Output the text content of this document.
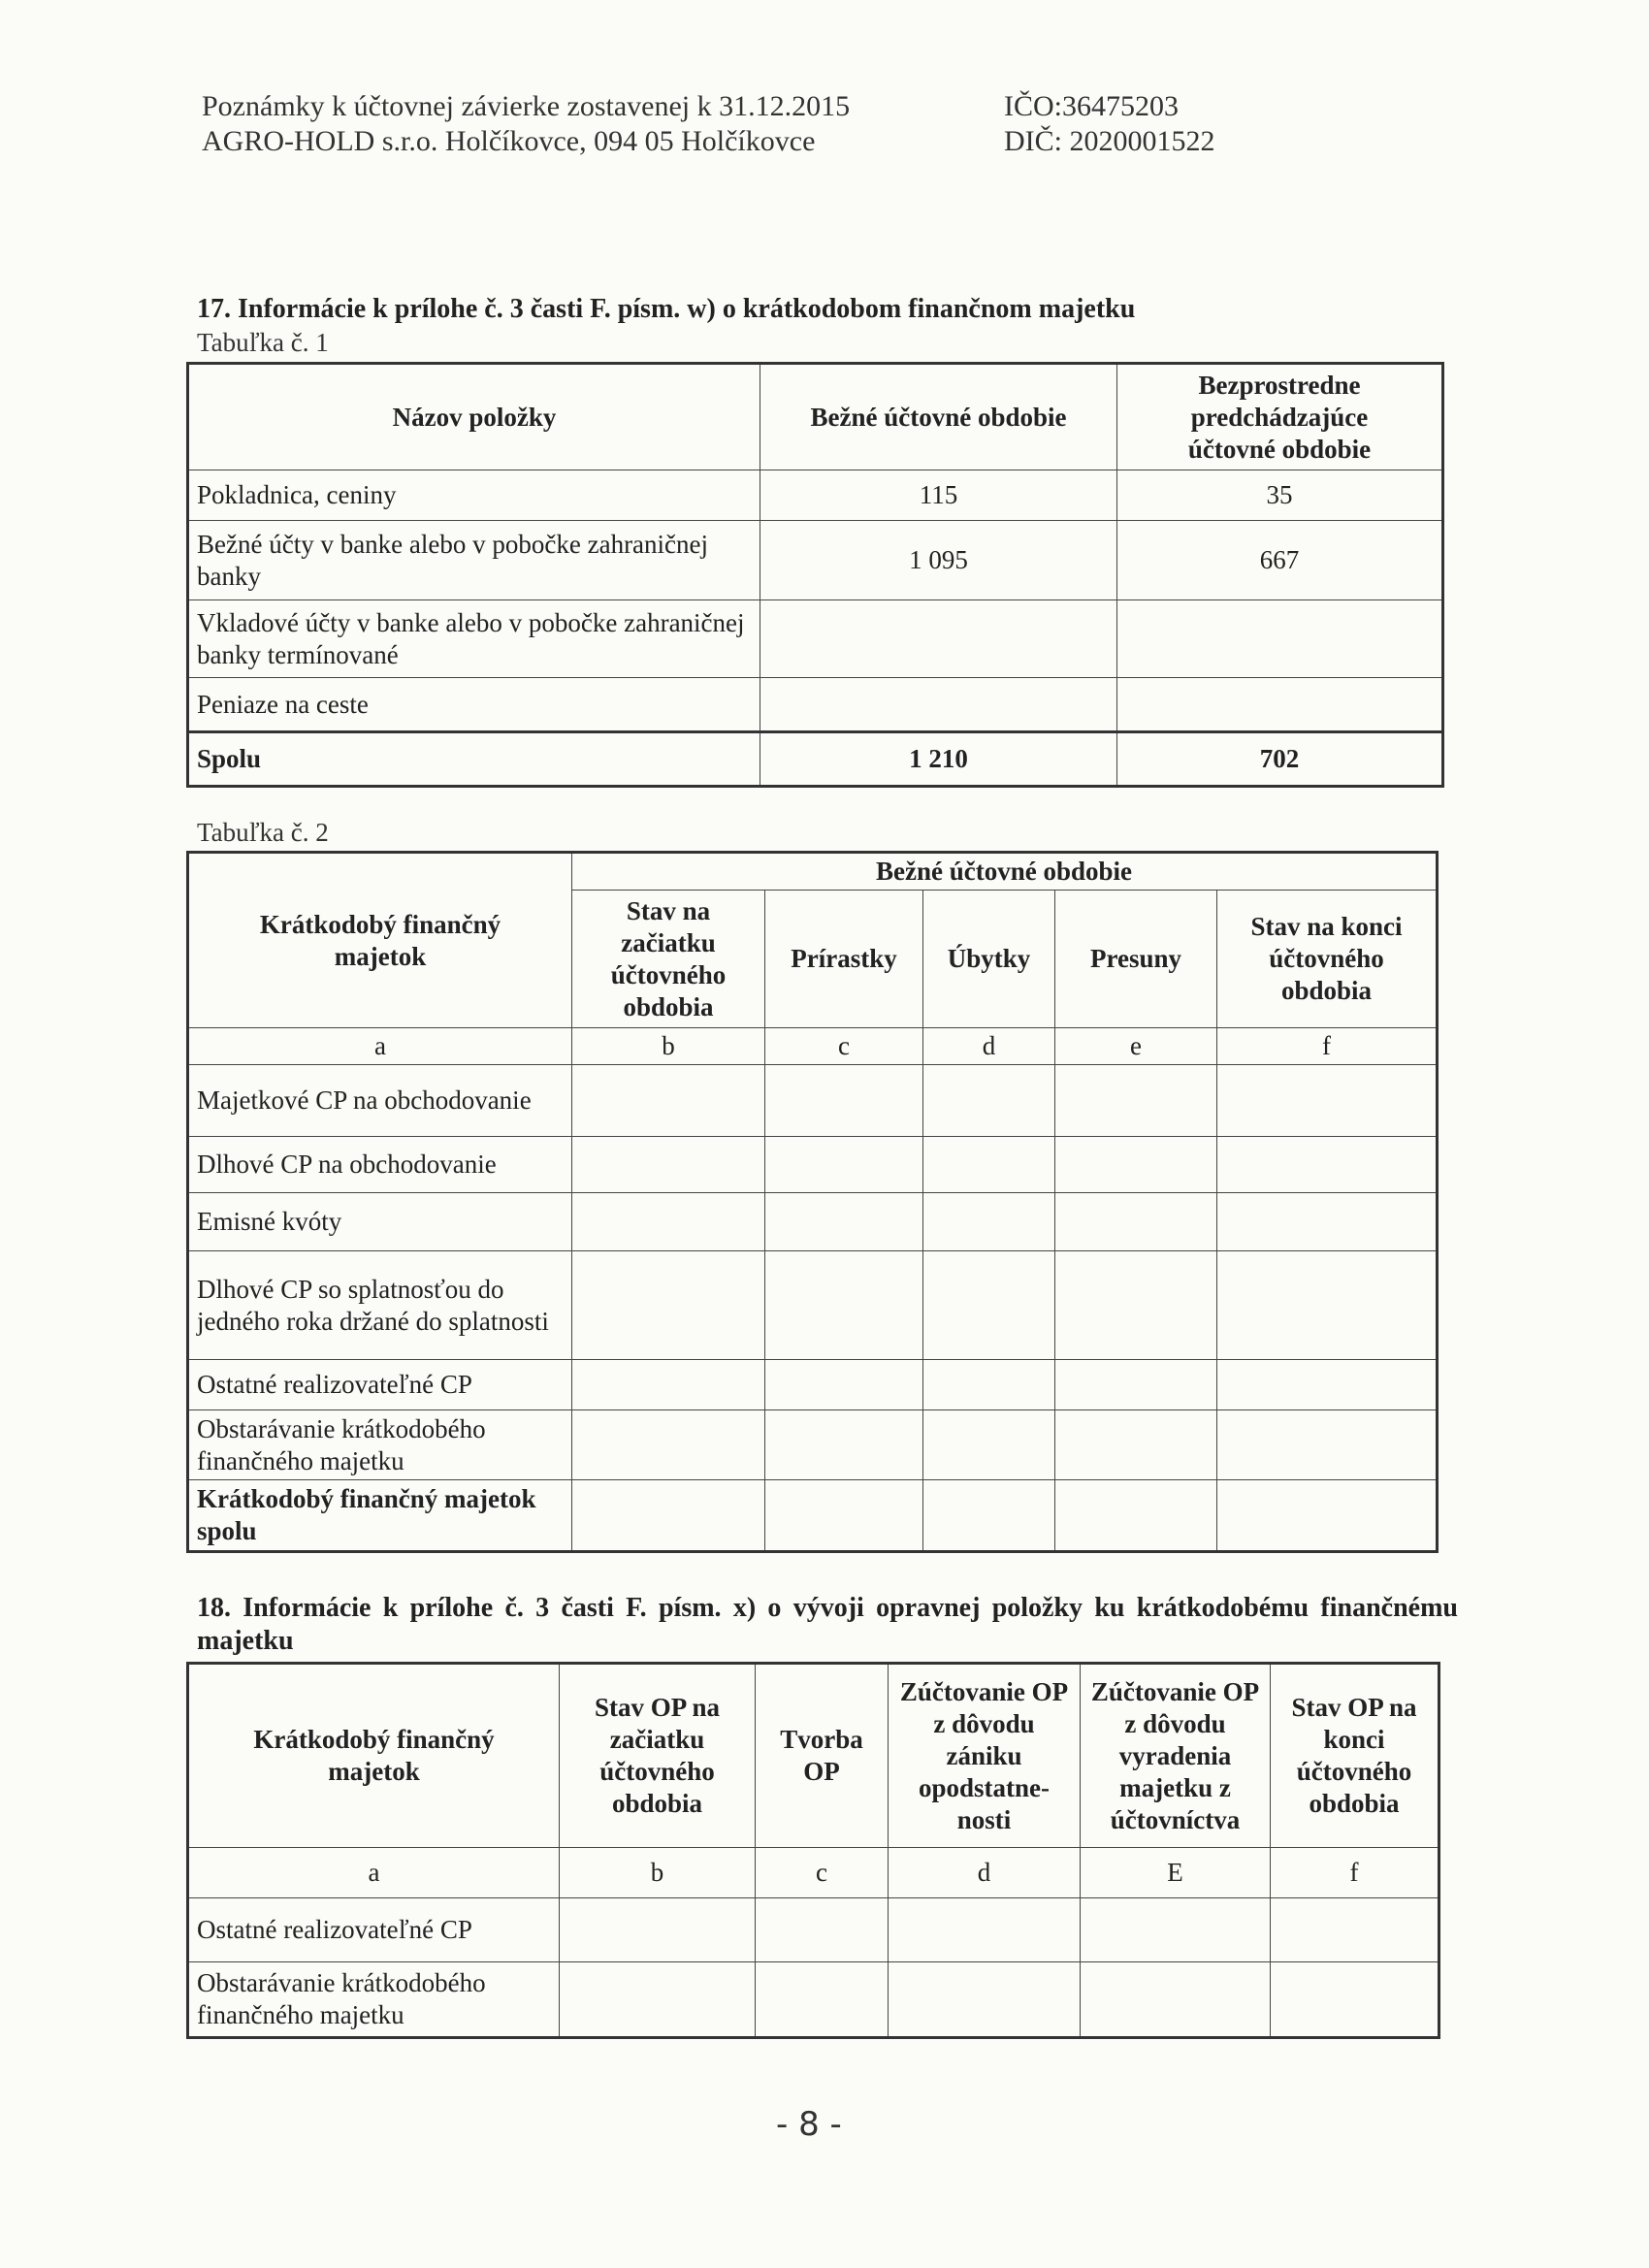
Poznámky k účtovnej závierke zostavenej k 31.12.2015
AGRO-HOLD s.r.o. Holčíkovce, 094 05 Holčíkovce
IČO:36475203
DIČ: 2020001522
17. Informácie k prílohe č. 3 časti F. písm. w) o krátkodobom finančnom majetku
Tabuľka č. 1
Názov položky	Bežné účtovné obdobie	Bezprostredne predchádzajúce účtovné obdobie
Pokladnica, ceniny	115	35
Bežné účty v banke alebo v pobočke zahraničnej banky	1 095	667
Vkladové účty v banke alebo v pobočke zahraničnej banky termínované		
Peniaze na ceste		
Spolu	1 210	702
Tabuľka č. 2
Krátkodobý finančný majetok	Bežné účtovné obdobie				
	Stav na začiatku účtovného obdobia	Prírastky	Úbytky	Presuny	Stav na konci účtovného obdobia
a	b	c	d	e	f
Majetkové CP na obchodovanie					
Dlhové CP na obchodovanie					
Emisné kvóty					
Dlhové CP so splatnosťou do jedného roka držané do splatnosti					
Ostatné realizovateľné CP					
Obstarávanie krátkodobého finančného majetku					
Krátkodobý finančný majetok spolu					
18. Informácie k prílohe č. 3 časti F. písm. x) o vývoji opravnej položky ku krátkodobému finančnému majetku
Krátkodobý finančný majetok	Stav OP na začiatku účtovného obdobia	Tvorba OP	Zúčtovanie OP z dôvodu zániku opodstatne-nosti	Zúčtovanie OP z dôvodu vyradenia majetku z účtovníctva	Stav OP na konci účtovného obdobia
a	b	c	d	E	f
Ostatné realizovateľné CP					
Obstarávanie krátkodobého finančného majetku					
- 8 -
